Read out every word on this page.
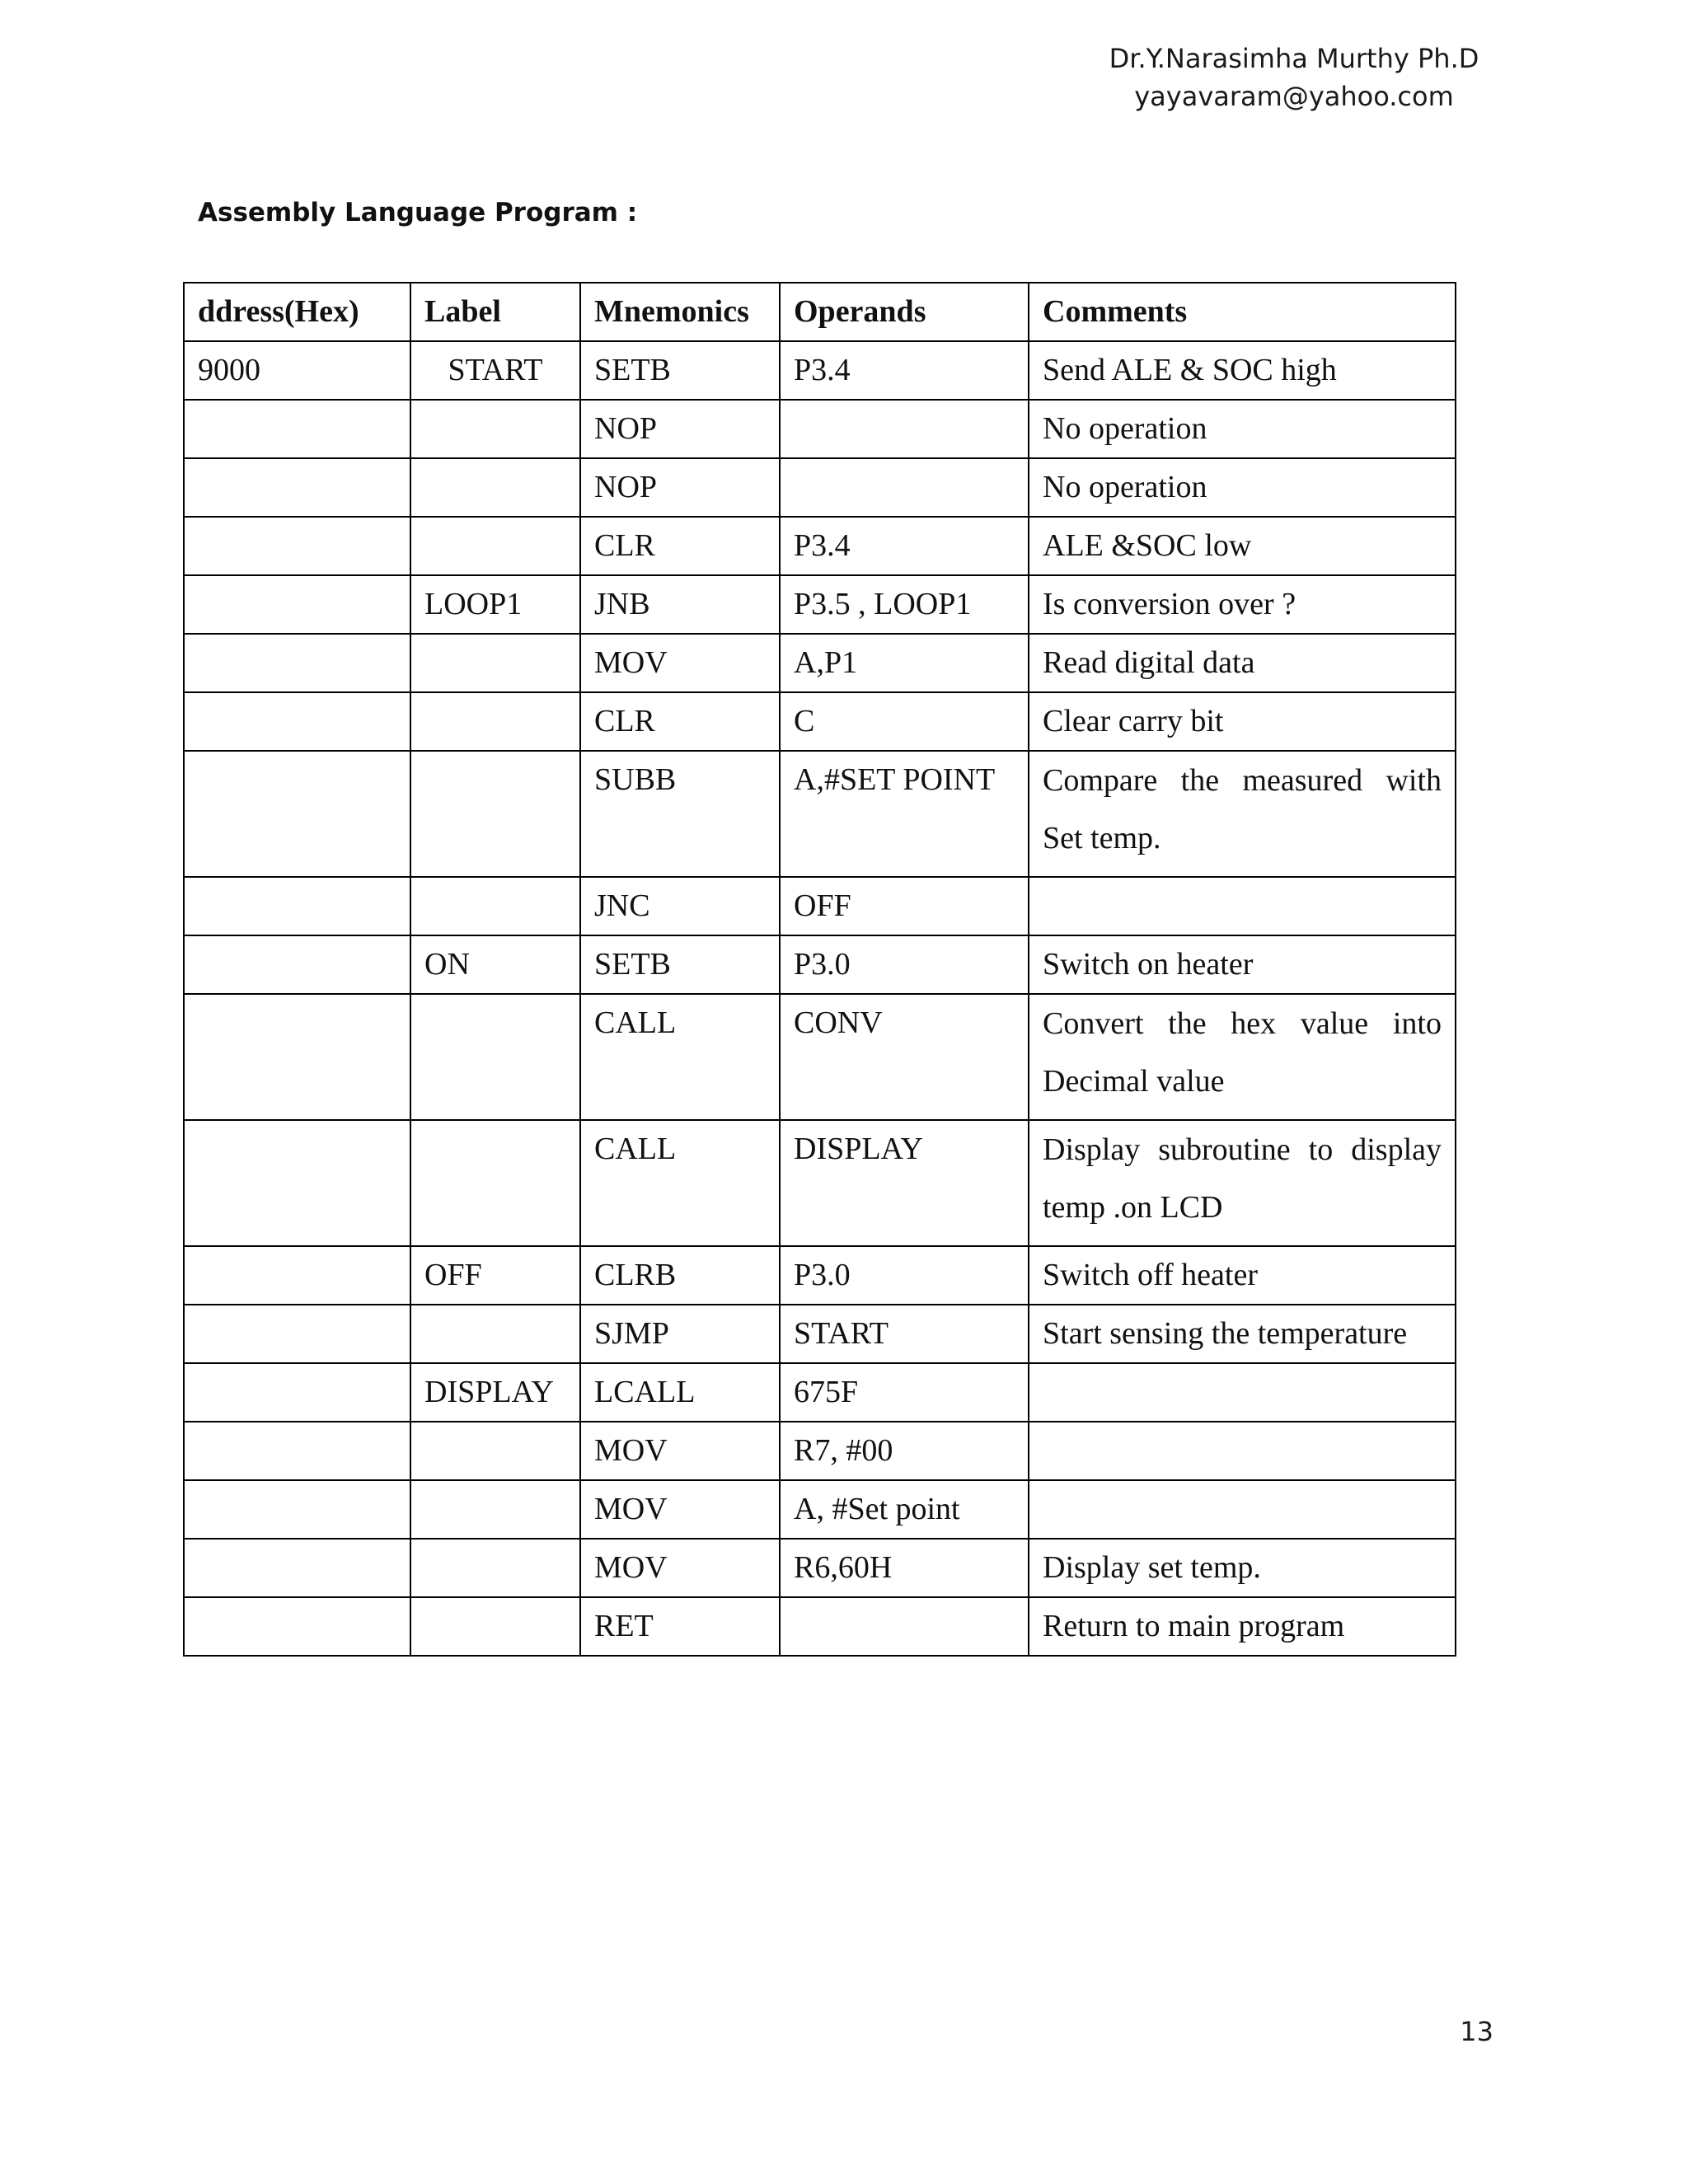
Dr.Y.Narasimha Murthy Ph.D
yayavaram@yahoo.com
Assembly Language Program :
ddress(Hex)	Label	Mnemonics	Operands	Comments
9000	START	SETB	P3.4	Send ALE & SOC high
		NOP		No operation
		NOP		No operation
		CLR	P3.4	ALE &SOC low
	LOOP1	JNB	P3.5 , LOOP1	Is conversion over ?
		MOV	A,P1	Read digital data
		CLR	C	Clear carry bit
		SUBB	A,#SET POINT	Compare the measured with Set temp.
		JNC	OFF	
	ON	SETB	P3.0	Switch on heater
		CALL	CONV	Convert the hex value into Decimal value
		CALL	DISPLAY	Display subroutine to display temp .on LCD
	OFF	CLRB	P3.0	Switch off heater
		SJMP	START	Start sensing the temperature
	DISPLAY	LCALL	675F	
		MOV	R7, #00	
		MOV	A, #Set point	
		MOV	R6,60H	Display set temp.
		RET		Return to main program
13
